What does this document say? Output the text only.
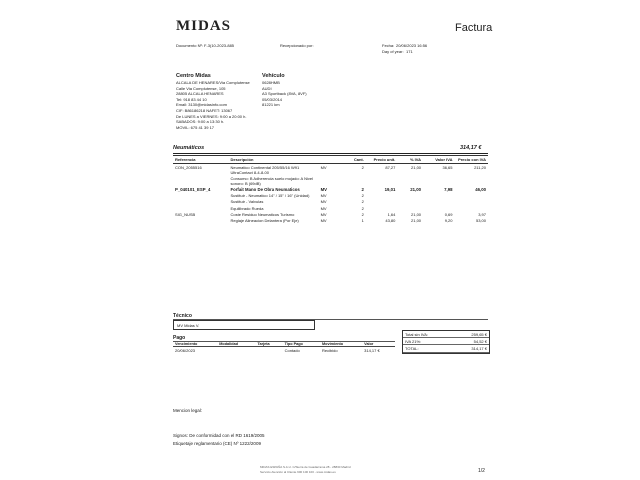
MIDAS	Factura
Documento Nº: F-3(10-2023-885	Recepcionado por:	Fecha: 20/06/2023 16:56
Day of year: 171
Centro Midas
ALCALA DE HENARES/Via Complutense
Calle Via Complutense, 105
28805 ALCALA HENARES
Tel: 918 83 44 10
Email: 3130@midasinfo.com
CIF: B86186218 NAFET: 13067
De LUNES a VIERNES: 9:00 a 20:00 h.
SABADOS: 9:00 a 13:30 h.
MOVIL: 675 41 39 17
Vehículo
0628HMB
AUDI
A3 Sportback (8VA, 8VF)
05/03/2014
81221 km
Neumáticos	314,17 €
Referencia	Descripción		Cant.	Precio unit.	% IVA	Valor IVA	Precio con IVA
CON_2055516	Neumatico Continental 205/55/16 W91 UltraContact 8-4-8-00	MV	2	87,27	21,00	36,65	211,20
	Consumo: B Adherencia suelo mojado: A Nivel sonoro: B (69dB)						
P_040101_ESP_4	Forfait Mano De Obra Neumaticos	MV	2	19,01	21,00	7,98	46,00
	Sustituir - Neumatico 14" / 15" / 16" (Unidad)	MV	2				
	Sustituir - Valvulas	MV	2				
	Equilibrado Rueda	MV	2				
SIG_NUSB	Coste Residuo Neumaticos Turismo	MV	2	1,64	21,00	0,69	3,97
	Reglaje Alineacion Delantera (Por Eje)	MV	1	43,80	21,00	9,20	53,00
Técnico
MV Midas V.
Total sin IVA:	259,65 €
IVA 21%:	54,52 €
TOTAL:	314,17 €
Pago
Vencimiento	Modalidad	Tarjeta	Tipo Pago	Movimiento	Valor
20/06/2023			Contado	Recibido	314,17 €
Mencion legal:
Signos: De conformidad con el RD 1619/2005
Etiquetaje reglamentario (CE) Nº 1222/2009
MIDAS ESPAÑA S.A.U. C/Sierra de Guadarrama 28 - 28830 Madrid
Servicio Atención al Cliente 900 100 100 - www.midas.es	1/2
